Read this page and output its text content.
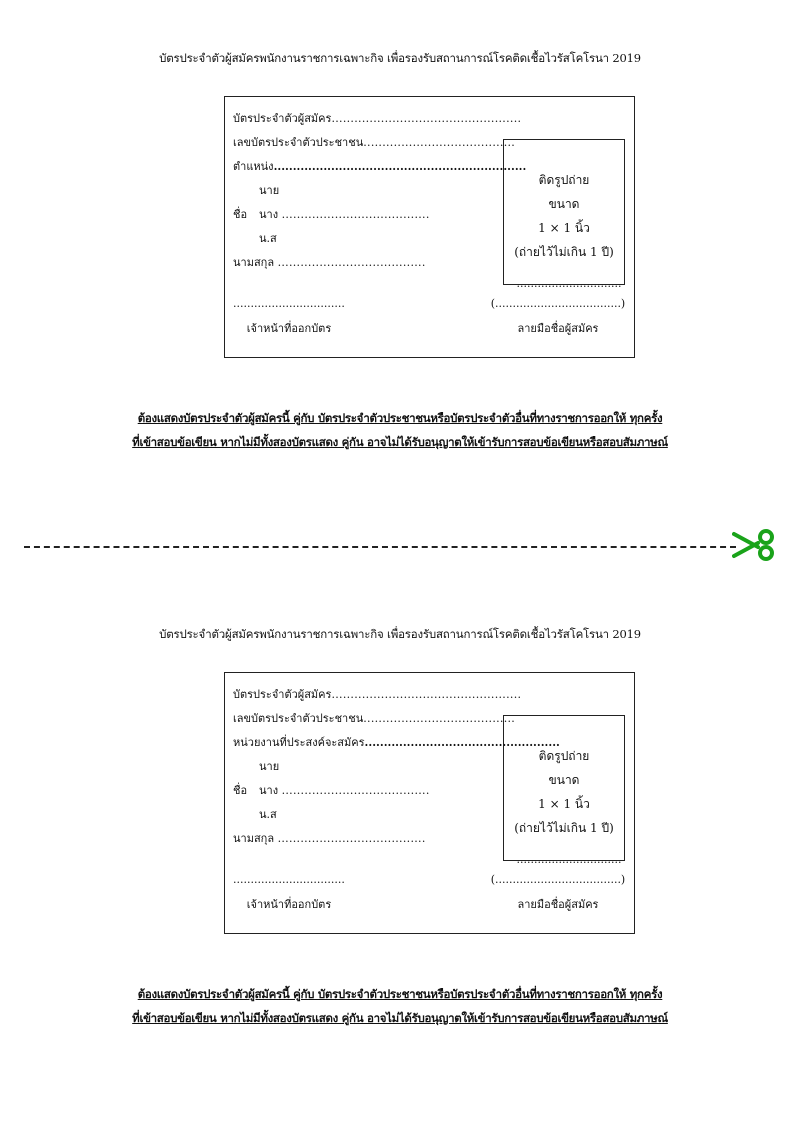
บัตรประจำตัวผู้สมัครพนักงานราชการเฉพาะกิจ เพื่อรองรับสถานการณ์โรคติดเชื้อไวรัสโคโรนา 2019
บัตรประจำตัวผู้สมัคร..................................................
เลขบัตรประจำตัวประชาชน........................................
ตำแหน่ง..................................................................
นาย
ชื่อ นาง .......................................
น.ส
นามสกุล .......................................
ติดรูปถ่าย
ขนาด
1 × 1 นิ้ว
(ถ่ายไว้ไม่เกิน 1 ปี)
..............................
................................	(....................................)
เจ้าหน้าที่ออกบัตร	ลายมือชื่อผู้สมัคร
ต้องแสดงบัตรประจำตัวผู้สมัครนี้ คู่กับ บัตรประจำตัวประชาชนหรือบัตรประจำตัวอื่นที่ทางราชการออกให้ ทุกครั้ง
ที่เข้าสอบข้อเขียน หากไม่มีทั้งสองบัตรแสดง คู่กัน อาจไม่ได้รับอนุญาตให้เข้ารับการสอบข้อเขียนหรือสอบสัมภาษณ์
บัตรประจำตัวผู้สมัครพนักงานราชการเฉพาะกิจ เพื่อรองรับสถานการณ์โรคติดเชื้อไวรัสโคโรนา 2019
บัตรประจำตัวผู้สมัคร..................................................
เลขบัตรประจำตัวประชาชน........................................
หน่วยงานที่ประสงค์จะสมัคร...................................................
นาย
ชื่อ นาง .......................................
น.ส
นามสกุล .......................................
ติดรูปถ่าย
ขนาด
1 × 1 นิ้ว
(ถ่ายไว้ไม่เกิน 1 ปี)
..............................
................................	(....................................)
เจ้าหน้าที่ออกบัตร	ลายมือชื่อผู้สมัคร
ต้องแสดงบัตรประจำตัวผู้สมัครนี้ คู่กับ บัตรประจำตัวประชาชนหรือบัตรประจำตัวอื่นที่ทางราชการออกให้ ทุกครั้ง
ที่เข้าสอบข้อเขียน หากไม่มีทั้งสองบัตรแสดง คู่กัน อาจไม่ได้รับอนุญาตให้เข้ารับการสอบข้อเขียนหรือสอบสัมภาษณ์
